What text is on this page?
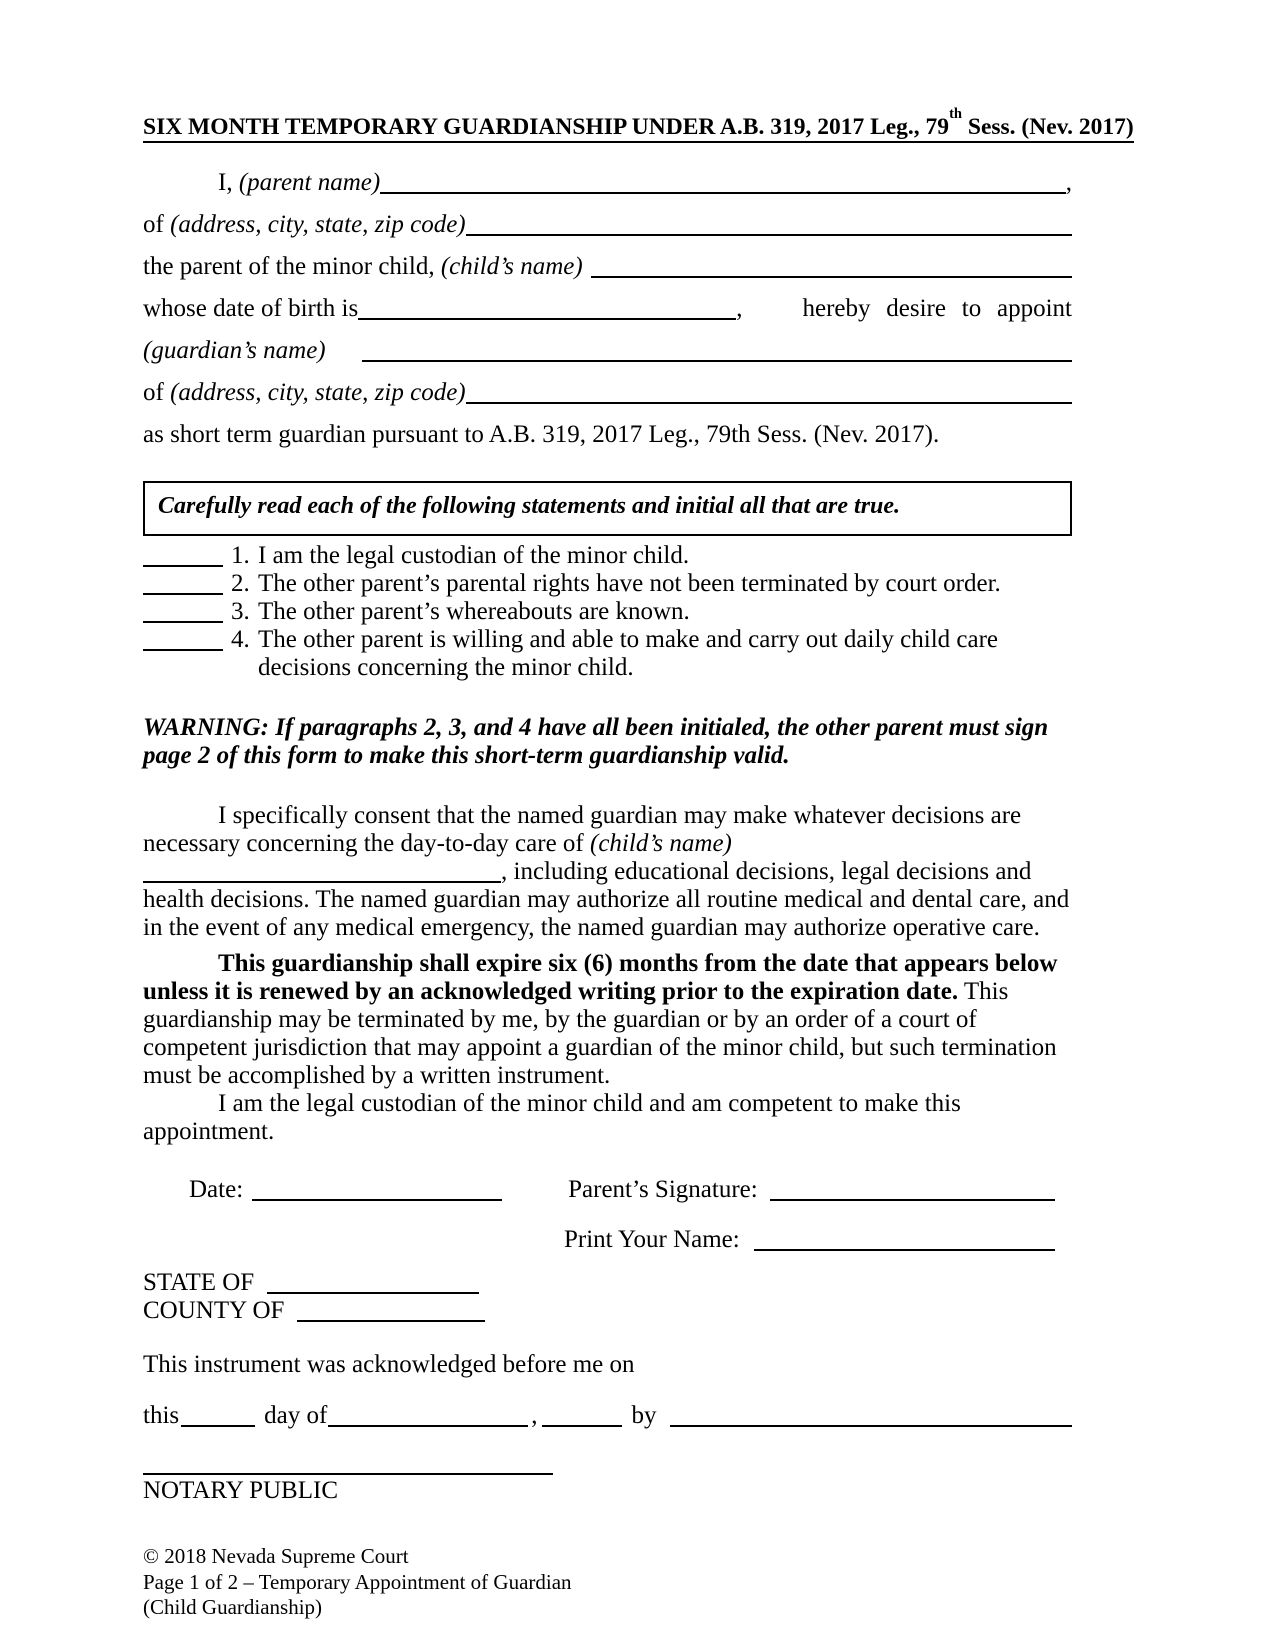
SIX MONTH TEMPORARY GUARDIANSHIP UNDER A.B. 319, 2017 Leg., 79th Sess. (Nev. 2017)
I, (parent name)	,
of (address, city, state, zip code)
the parent of the minor child, (child’s name)
whose date of birth is	, hereby desire to appoint
(guardian’s name)
of (address, city, state, zip code)
as short term guardian pursuant to A.B. 319, 2017 Leg., 79th Sess. (Nev. 2017).
Carefully read each of the following statements and initial all that are true.
1. I am the legal custodian of the minor child.
2. The other parent’s parental rights have not been terminated by court order.
3. The other parent’s whereabouts are known.
4. The other parent is willing and able to make and carry out daily child care decisions concerning the minor child.

WARNING: If paragraphs 2, 3, and 4 have all been initialed, the other parent must sign page 2 of this form to make this short-term guardianship valid.

I specifically consent that the named guardian may make whatever decisions are necessary concerning the day-to-day care of (child’s name), including educational decisions, legal decisions and health decisions. The named guardian may authorize all routine medical and dental care, and in the event of any medical emergency, the named guardian may authorize operative care.

This guardianship shall expire six (6) months from the date that appears below unless it is renewed by an acknowledged writing prior to the expiration date. This guardianship may be terminated by me, by the guardian or by an order of a court of competent jurisdiction that may appoint a guardian of the minor child, but such termination must be accomplished by a written instrument.

I am the legal custodian of the minor child and am competent to make this appointment.

Date:	Parent’s Signature:
Print Your Name:
STATE OF
COUNTY OF

This instrument was acknowledged before me on

this	day of	,	by
NOTARY PUBLIC
© 2018 Nevada Supreme Court
Page 1 of 2 – Temporary Appointment of Guardian
(Child Guardianship)
